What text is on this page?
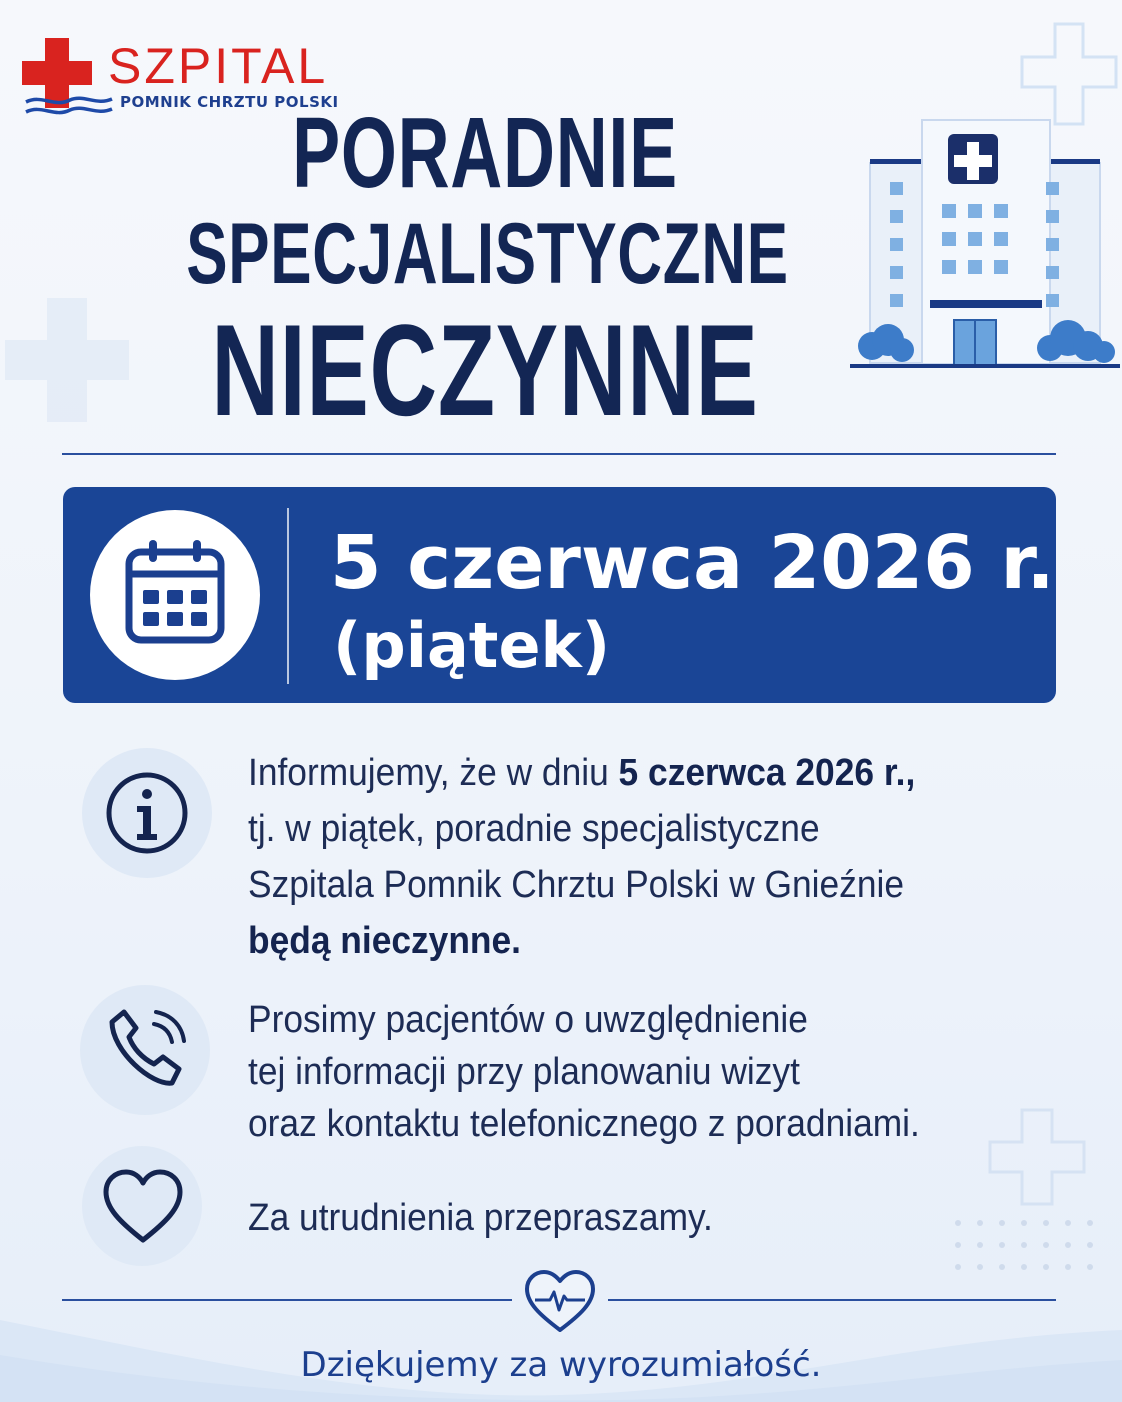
SZPITAL
POMNIK CHRZTU POLSKI
PORADNIE
SPECJALISTYCZNE
NIECZYNNE
5 czerwca 2026 r.
(piątek)
Informujemy, że w dniu 5 czerwca 2026 r.,
tj. w piątek, poradnie specjalistyczne
Szpitala Pomnik Chrztu Polski w Gnieźnie
będą nieczynne.
Prosimy pacjentów o uwzględnienie
tej informacji przy planowaniu wizyt
oraz kontaktu telefonicznego z poradniami.
Za utrudnienia przepraszamy.
Dziękujemy za wyrozumiałość.
